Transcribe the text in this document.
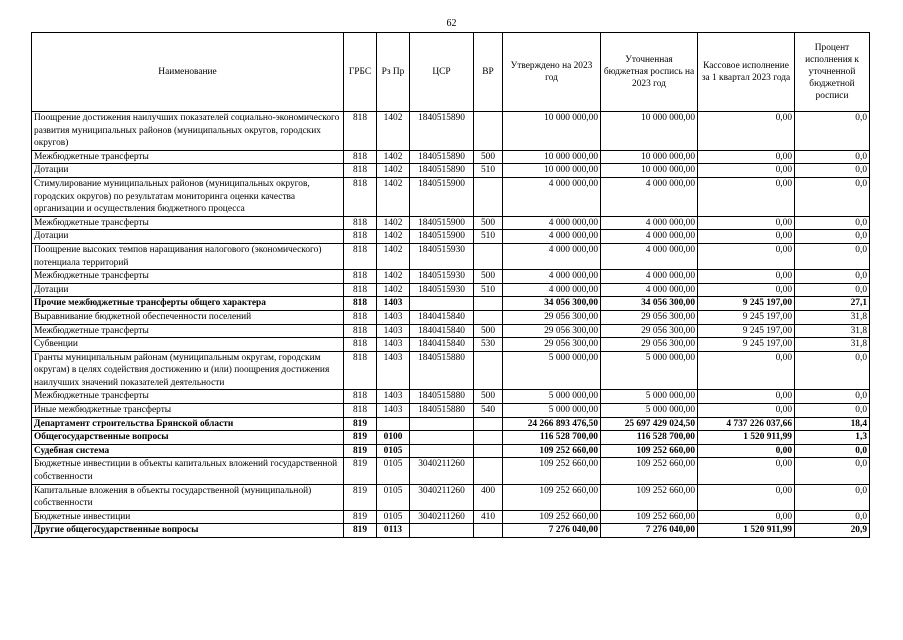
62
Наименование	ГРБС	Рз Пр	ЦСР	ВР	Утверждено на 2023 год	Уточненная бюджетная роспись на 2023 год	Кассовое исполнение за 1 квартал 2023 года	Процент исполнения к уточненной бюджетной росписи
Поощрение достижения наилучших показателей социально-экономического развития муниципальных районов (муниципальных округов, городских округов)	818	1402	1840515890		10 000 000,00	10 000 000,00	0,00	0,0
Межбюджетные трансферты	818	1402	1840515890	500	10 000 000,00	10 000 000,00	0,00	0,0
Дотации	818	1402	1840515890	510	10 000 000,00	10 000 000,00	0,00	0,0
Стимулирование муниципальных районов (муниципальных округов, городских округов) по результатам мониторинга оценки качества организации и осуществления бюджетного процесса	818	1402	1840515900		4 000 000,00	4 000 000,00	0,00	0,0
Межбюджетные трансферты	818	1402	1840515900	500	4 000 000,00	4 000 000,00	0,00	0,0
Дотации	818	1402	1840515900	510	4 000 000,00	4 000 000,00	0,00	0,0
Поощрение высоких темпов наращивания налогового (экономического) потенциала территорий	818	1402	1840515930		4 000 000,00	4 000 000,00	0,00	0,0
Межбюджетные трансферты	818	1402	1840515930	500	4 000 000,00	4 000 000,00	0,00	0,0
Дотации	818	1402	1840515930	510	4 000 000,00	4 000 000,00	0,00	0,0
Прочие межбюджетные трансферты общего характера	818	1403			34 056 300,00	34 056 300,00	9 245 197,00	27,1
Выравнивание бюджетной обеспеченности поселений	818	1403	1840415840		29 056 300,00	29 056 300,00	9 245 197,00	31,8
Межбюджетные трансферты	818	1403	1840415840	500	29 056 300,00	29 056 300,00	9 245 197,00	31,8
Субвенции	818	1403	1840415840	530	29 056 300,00	29 056 300,00	9 245 197,00	31,8
Гранты муниципальным районам (муниципальным округам, городским округам) в целях содействия достижению и (или) поощрения достижения наилучших значений показателей деятельности	818	1403	1840515880		5 000 000,00	5 000 000,00	0,00	0,0
Межбюджетные трансферты	818	1403	1840515880	500	5 000 000,00	5 000 000,00	0,00	0,0
Иные межбюджетные трансферты	818	1403	1840515880	540	5 000 000,00	5 000 000,00	0,00	0,0
Департамент строительства Брянской области	819				24 266 893 476,50	25 697 429 024,50	4 737 226 037,66	18,4
Общегосударственные вопросы	819	0100			116 528 700,00	116 528 700,00	1 520 911,99	1,3
Судебная система	819	0105			109 252 660,00	109 252 660,00	0,00	0,0
Бюджетные инвестиции в объекты капитальных вложений государственной собственности	819	0105	3040211260		109 252 660,00	109 252 660,00	0,00	0,0
Капитальные вложения в объекты государственной (муниципальной) собственности	819	0105	3040211260	400	109 252 660,00	109 252 660,00	0,00	0,0
Бюджетные инвестиции	819	0105	3040211260	410	109 252 660,00	109 252 660,00	0,00	0,0
Другие общегосударственные вопросы	819	0113			7 276 040,00	7 276 040,00	1 520 911,99	20,9
